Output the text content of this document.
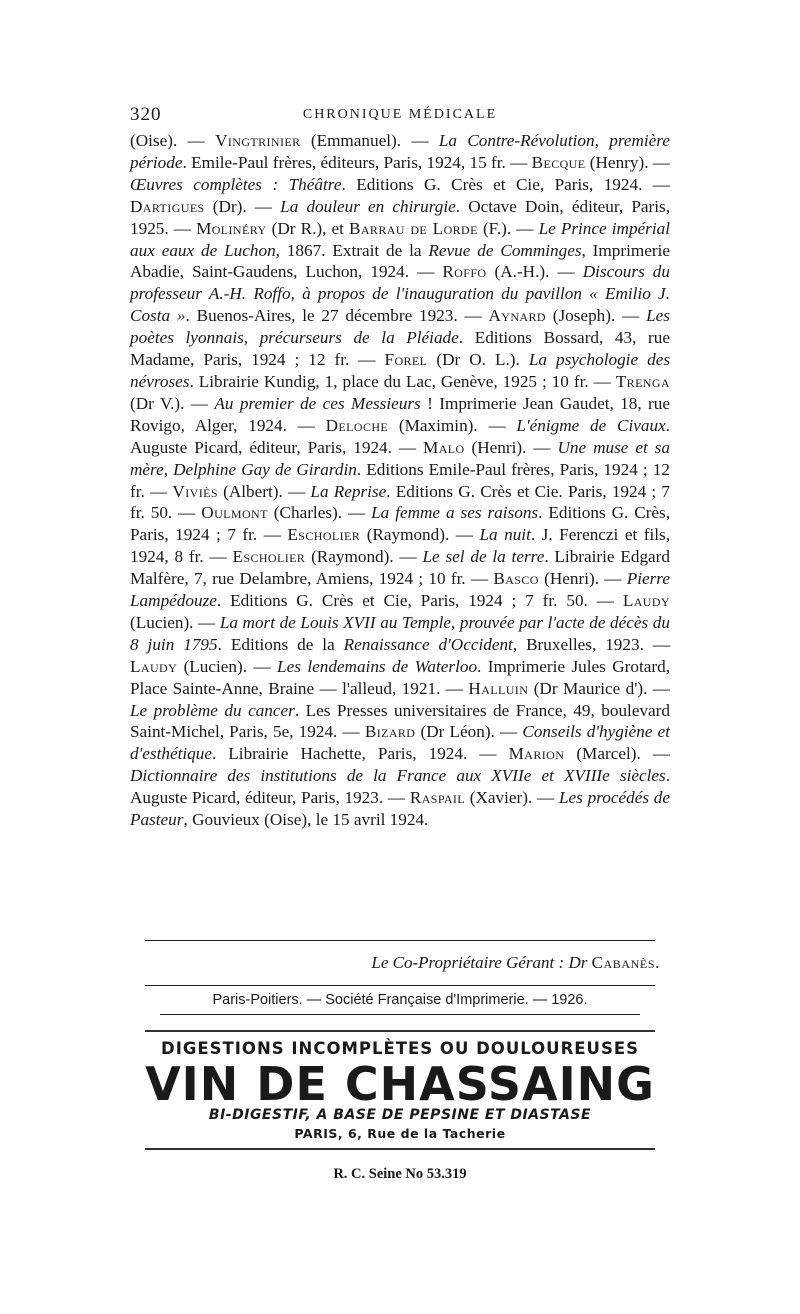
320	CHRONIQUE MÉDICALE
(Oise). — Vingtrinier (Emmanuel). — La Contre-Révolution, première période. Emile-Paul frères, éditeurs, Paris, 1924, 15 fr. — Becque (Henry). — Œuvres complètes : Théâtre. Editions G. Crès et Cie, Paris, 1924. — Dartigues (Dr). — La douleur en chirurgie. Octave Doin, éditeur, Paris, 1925. — Molinéry (Dr R.), et Barrau de Lorde (F.). — Le Prince impérial aux eaux de Luchon, 1867. Extrait de la Revue de Comminges, Imprimerie Abadie, Saint-Gaudens, Luchon, 1924. — Roffo (A.-H.). — Discours du professeur A.-H. Roffo, à propos de l'inauguration du pavillon « Emilio J. Costa ». Buenos-Aires, le 27 décembre 1923. — Aynard (Joseph). — Les poètes lyonnais, précurseurs de la Pléiade. Editions Bossard, 43, rue Madame, Paris, 1924 ; 12 fr. — Forel (Dr O. L.). La psychologie des névroses. Librairie Kundig, 1, place du Lac, Genève, 1925 ; 10 fr. — Trenga (Dr V.). — Au premier de ces Messieurs ! Imprimerie Jean Gaudet, 18, rue Rovigo, Alger, 1924. — Deloche (Maximin). — L'énigme de Civaux. Auguste Picard, éditeur, Paris, 1924. — Malo (Henri). — Une muse et sa mère, Delphine Gay de Girardin. Editions Emile-Paul frères, Paris, 1924 ; 12 fr. — Viviès (Albert). — La Reprise. Editions G. Crès et Cie. Paris, 1924 ; 7 fr. 50. — Oulmont (Charles). — La femme a ses raisons. Editions G. Crès, Paris, 1924 ; 7 fr. — Escholier (Raymond). — La nuit. J. Ferenczi et fils, 1924, 8 fr. — Escholier (Raymond). — Le sel de la terre. Librairie Edgard Malfère, 7, rue Delambre, Amiens, 1924 ; 10 fr. — Basco (Henri). — Pierre Lampédouze. Editions G. Crès et Cie, Paris, 1924 ; 7 fr. 50. — Laudy (Lucien). — La mort de Louis XVII au Temple, prouvée par l'acte de décès du 8 juin 1795. Editions de la Renaissance d'Occident, Bruxelles, 1923. — Laudy (Lucien). — Les lendemains de Waterloo. Imprimerie Jules Grotard, Place Sainte-Anne, Braine — l'alleud, 1921. — Halluin (Dr Maurice d'). — Le problème du cancer. Les Presses universitaires de France, 49, boulevard Saint-Michel, Paris, 5e, 1924. — Bizard (Dr Léon). — Conseils d'hygiène et d'esthétique. Librairie Hachette, Paris, 1924. — Marion (Marcel). — Dictionnaire des institutions de la France aux XVIIe et XVIIIe siècles. Auguste Picard, éditeur, Paris, 1923. — Raspail (Xavier). — Les procédés de Pasteur, Gouvieux (Oise), le 15 avril 1924.
Le Co-Propriétaire Gérant : Dr Cabanès.
Paris-Poitiers. — Société Française d'Imprimerie. — 1926.
DIGESTIONS INCOMPLÈTES OU DOULOUREUSES
VIN DE CHASSAING
BI-DIGESTIF, A BASE DE PEPSINE ET DIASTASE
PARIS, 6, Rue de la Tacherie
R. C. Seine No 53.319
